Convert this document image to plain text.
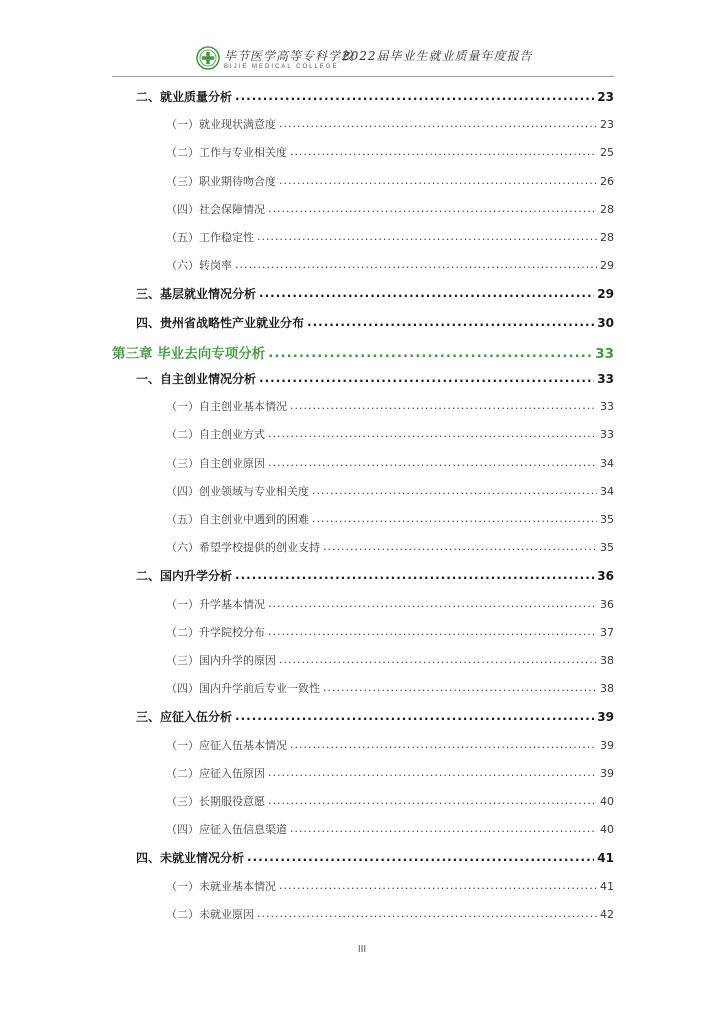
毕节医学高等专科学校
BIJIE MEDICAL COLLEGE
2022届毕业生就业质量年度报告
二、就业质量分析 .....	23
（一）就业现状满意度 .....	23
（二）工作与专业相关度 .....	25
（三）职业期待吻合度 .....	26
（四）社会保障情况 .....	28
（五）工作稳定性 .....	28
（六）转岗率 .....	29
三、基层就业情况分析 .....	29
四、贵州省战略性产业就业分布 .....	30
第三章 毕业去向专项分析 .....	33
一、自主创业情况分析 .....	33
（一）自主创业基本情况 .....	33
（二）自主创业方式 .....	33
（三）自主创业原因 .....	34
（四）创业领域与专业相关度 .....	34
（五）自主创业中遇到的困难 .....	35
（六）希望学校提供的创业支持 .....	35
二、国内升学分析 .....	36
（一）升学基本情况 .....	36
（二）升学院校分布 .....	37
（三）国内升学的原因 .....	38
（四）国内升学前后专业一致性 .....	38
三、应征入伍分析 .....	39
（一）应征入伍基本情况 .....	39
（二）应征入伍原因 .....	39
（三）长期服役意愿 .....	40
（四）应征入伍信息渠道 .....	40
四、未就业情况分析 .....	41
（一）未就业基本情况 .....	41
（二）未就业原因 .....	42
III
